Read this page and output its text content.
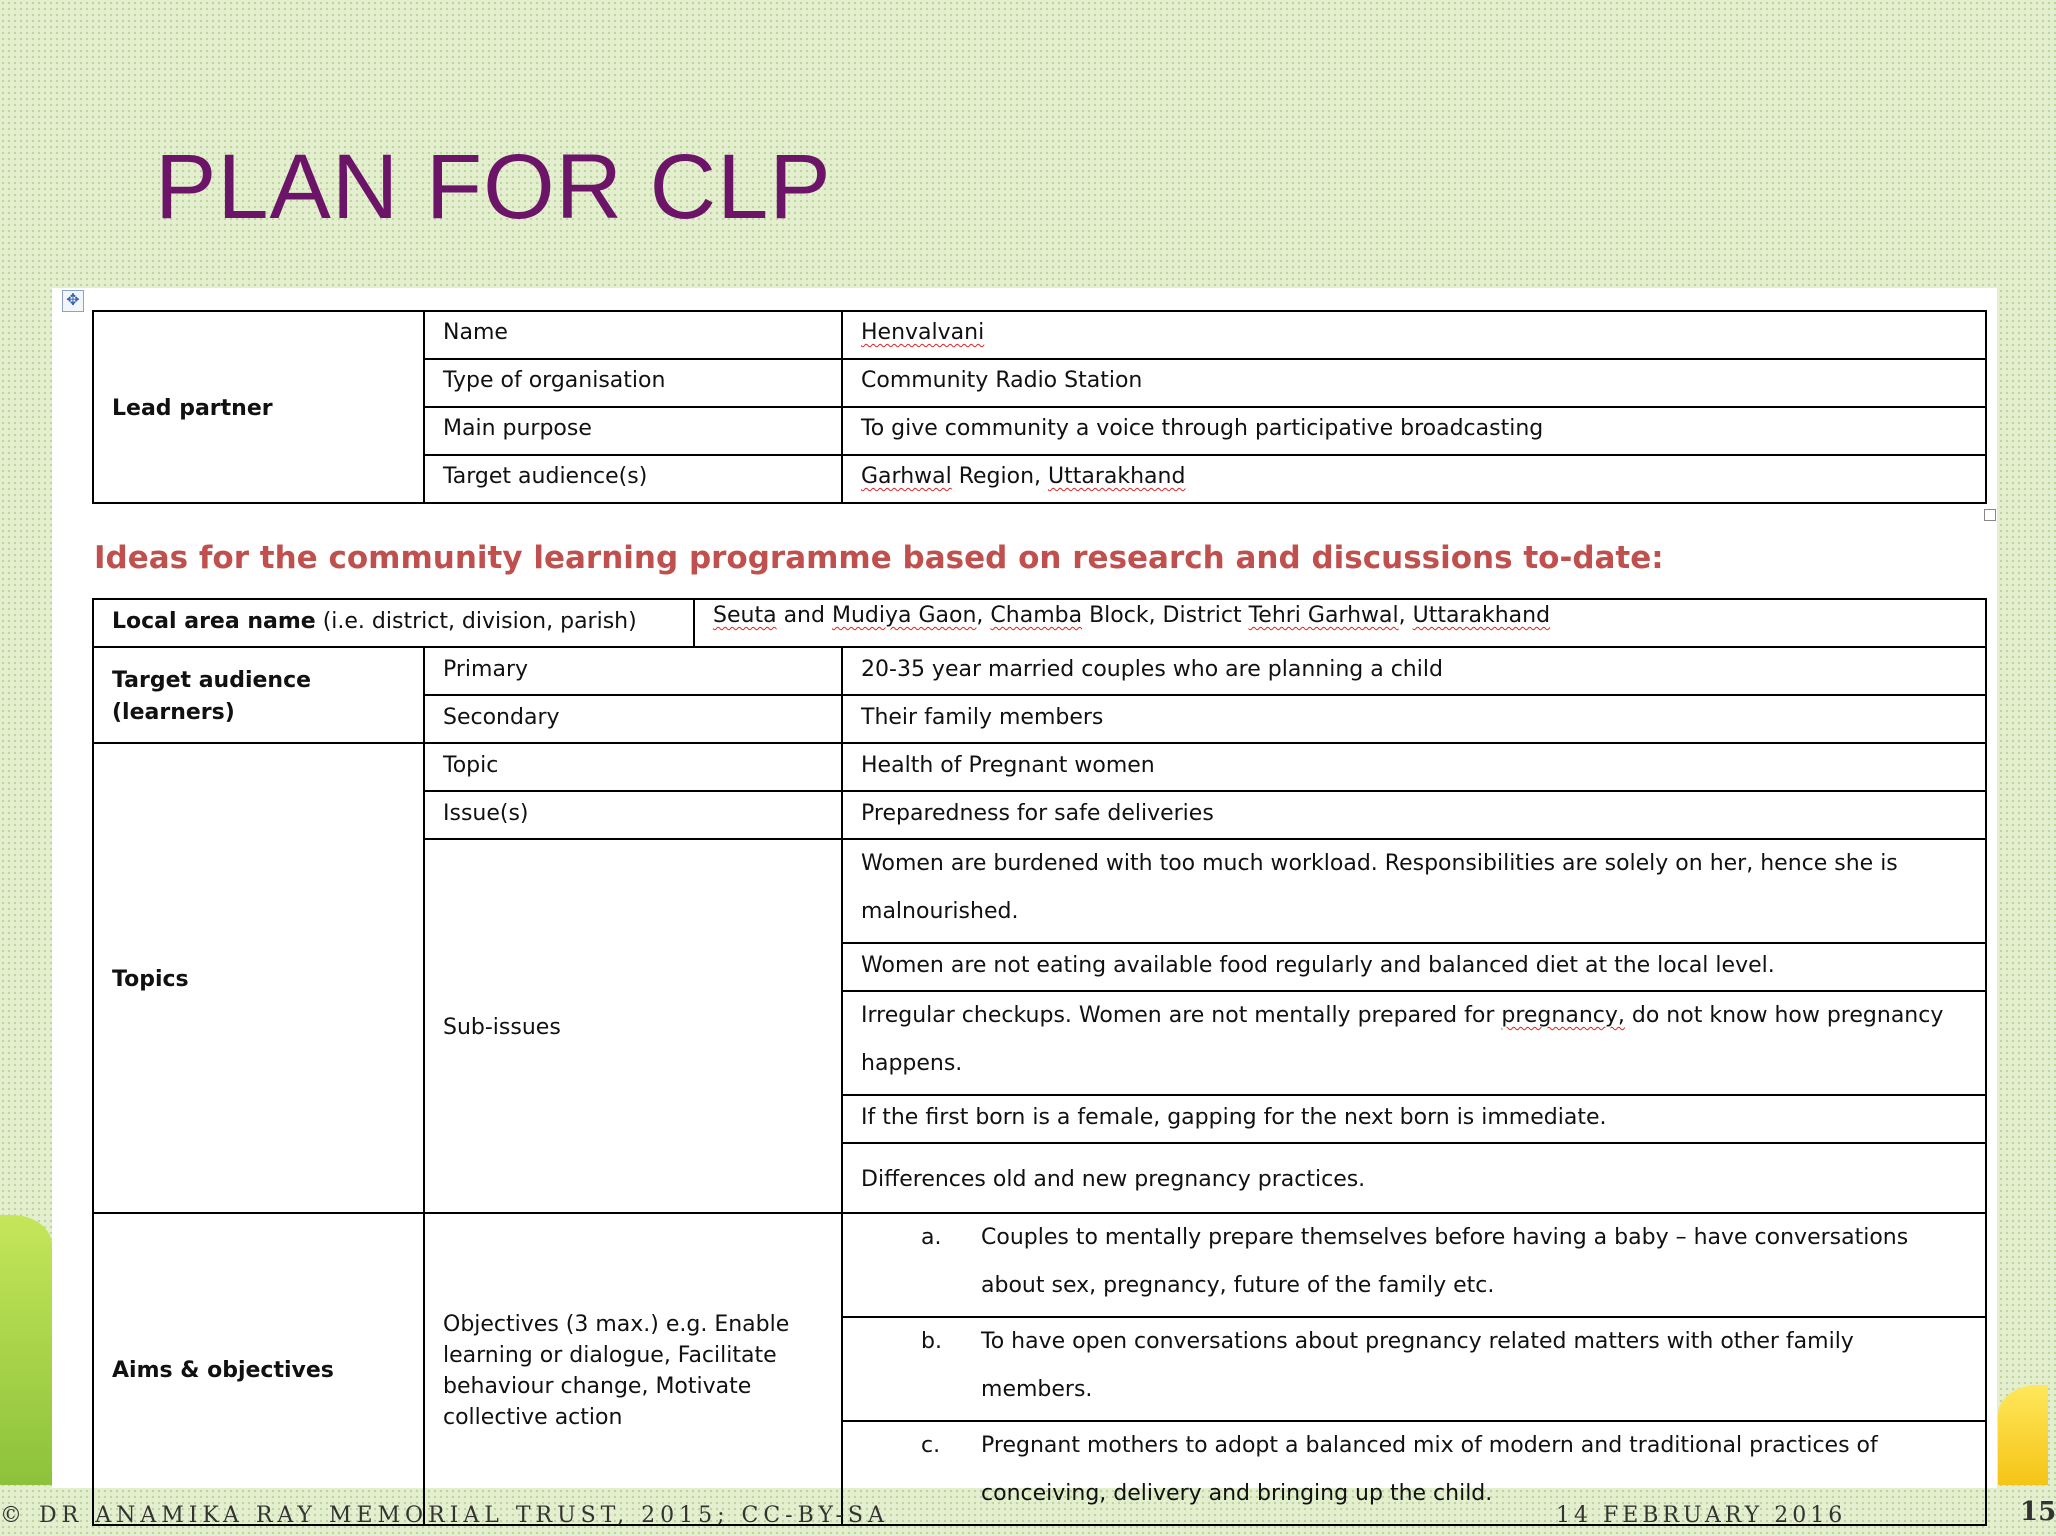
PLAN FOR CLP
✥
Lead partner	Name	Henvalvani
	Type of organisation	Community Radio Station
	Main purpose	To give community a voice through participative broadcasting
	Target audience(s)	Garhwal Region, Uttarakhand
Ideas for the community learning programme based on research and discussions to-date:
Local area name (i.e. district, division, parish)		Seuta and Mudiya Gaon, Chamba Block, District Tehri Garhwal, Uttarakhand	
Target audience (learners)	Primary		20-35 year married couples who are planning a child
	Secondary		Their family members
Topics	Topic		Health of Pregnant women
	Issue(s)		Preparedness for safe deliveries
	Sub-issues		Women are burdened with too much workload. Responsibilities are solely on her, hence she is malnourished.
			Women are not eating available food regularly and balanced diet at the local level.
			Irregular checkups. Women are not mentally prepared for pregnancy, do not know how pregnancy happens.
			If the first born is a female, gapping for the next born is immediate.
			Differences old and new pregnancy practices.
Aims & objectives	Objectives (3 max.) e.g. Enable learning or dialogue, Facilitate behaviour change, Motivate collective action		a. Couples to mentally prepare themselves before having a baby – have conversations about sex, pregnancy, future of the family etc.

			b. To have open conversations about pregnancy related matters with other family members.

			c. Pregnant mothers to adopt a balanced mix of modern and traditional practices of conceiving, delivery and bringing up the child.
© DR ANAMIKA RAY MEMORIAL TRUST, 2015; CC-BY-SA	14 FEBRUARY 2016	15
